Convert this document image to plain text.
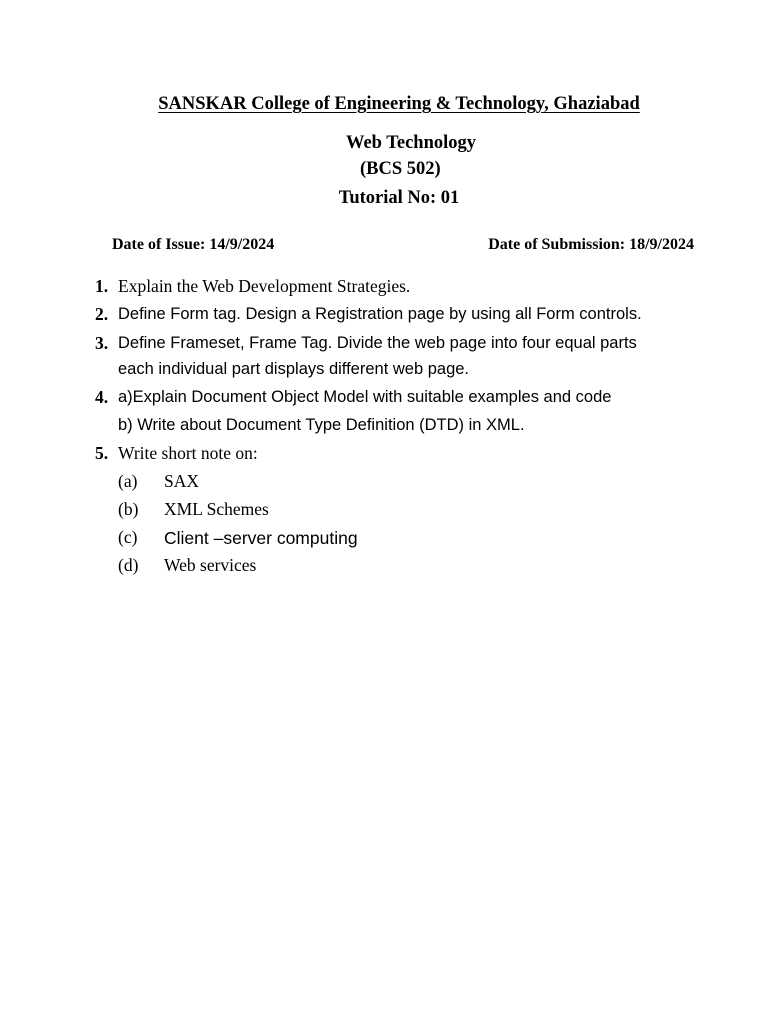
SANSKAR College of Engineering & Technology, Ghaziabad
Web Technology
(BCS 502)
Tutorial No: 01
Date of Issue: 14/9/2024	Date of Submission: 18/9/2024
1. Explain the Web Development Strategies.
2. Define Form tag. Design a Registration page by using all Form controls.
3. Define Frameset, Frame Tag. Divide the web page into four equal parts
each individual part displays different web page.
4. a)Explain Document Object Model with suitable examples and code
b) Write about Document Type Definition (DTD) in XML.
5. Write short note on:
(a) SAX
(b) XML Schemes
(c) Client –server computing
(d) Web services
